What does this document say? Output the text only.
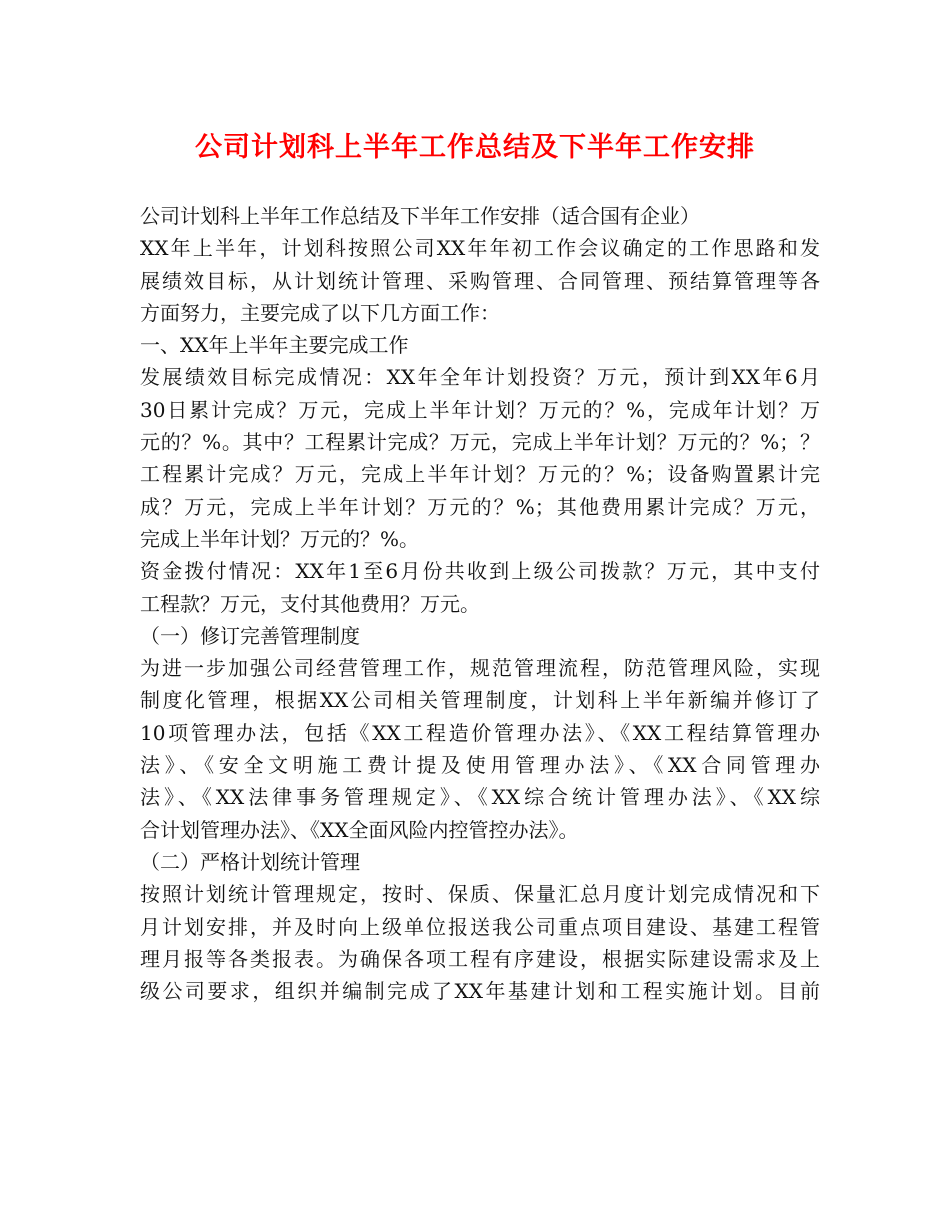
公司计划科上半年工作总结及下半年工作安排
公司计划科上半年工作总结及下半年工作安排（适合国有企业）
XX年上半年，计划科按照公司XX年年初工作会议确定的工作思路和发
展绩效目标，从计划统计管理、采购管理、合同管理、预结算管理等各
方面努力，主要完成了以下几方面工作：
一、XX年上半年主要完成工作
发展绩效目标完成情况：XX年全年计划投资？万元，预计到XX年6月
30日累计完成？万元，完成上半年计划？万元的？%，完成年计划？万
元的？%。其中？工程累计完成？万元，完成上半年计划？万元的？%；？
工程累计完成？万元，完成上半年计划？万元的？%；设备购置累计完
成？万元，完成上半年计划？万元的？%；其他费用累计完成？万元，
完成上半年计划？万元的？%。
资金拨付情况：XX年1至6月份共收到上级公司拨款？万元，其中支付
工程款？万元，支付其他费用？万元。
（一）修订完善管理制度
为进一步加强公司经营管理工作，规范管理流程，防范管理风险，实现
制度化管理，根据XX公司相关管理制度，计划科上半年新编并修订了
10项管理办法，包括《XX工程造价管理办法》、《XX工程结算管理办
法》、《安全文明施工费计提及使用管理办法》、《XX合同管理办
法》、《XX法律事务管理规定》、《XX综合统计管理办法》、《XX综
合计划管理办法》、《XX全面风险内控管控办法》。
（二）严格计划统计管理
按照计划统计管理规定，按时、保质、保量汇总月度计划完成情况和下
月计划安排，并及时向上级单位报送我公司重点项目建设、基建工程管
理月报等各类报表。为确保各项工程有序建设，根据实际建设需求及上
级公司要求，组织并编制完成了XX年基建计划和工程实施计划。目前
